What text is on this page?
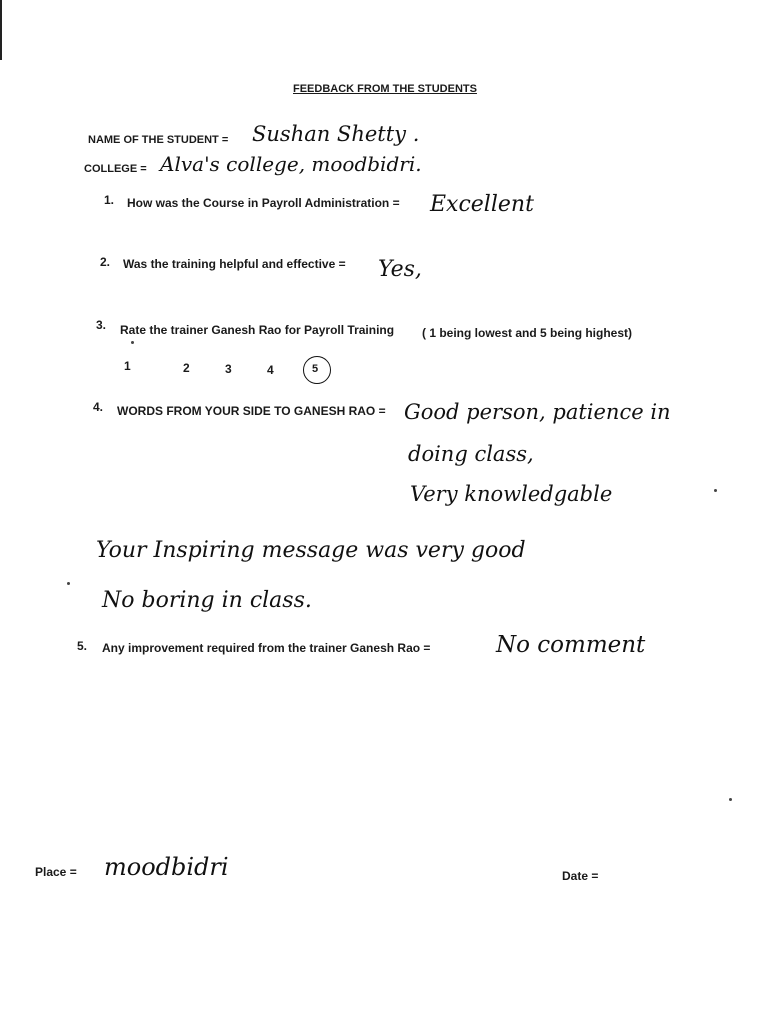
FEEDBACK FROM THE STUDENTS
NAME OF THE STUDENT = Sushan Shetty .
COLLEGE = Alva's college, moodbidri.
1. How was the Course in Payroll Administration = Excellent
2. Was the training helpful and effective = Yes,
3. Rate the trainer Ganesh Rao for Payroll Training ( 1 being lowest and 5 being highest)
1	2	3	4	5
4. WORDS FROM YOUR SIDE TO GANESH RAO = Good person, patience in
doing class,
Very knowledgable
Your Inspiring message was very good
No boring in class.
5. Any improvement required from the trainer Ganesh Rao =	No comment
Place = moodbidri	Date =
